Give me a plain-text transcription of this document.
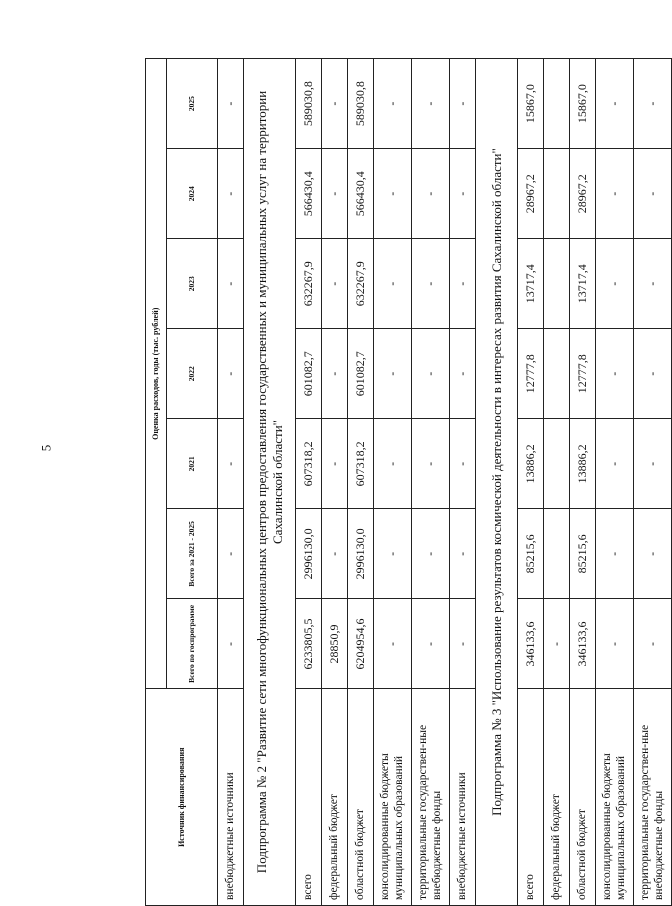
5
Источник финансирования	Оценка расходов, годы (тыс. рублей)						
	Всего по госпрограмме	Всего за 2021 - 2025	2021	2022	2023	2024	2025
внебюджетные источники	-	-	-	-	-	-	-
Подпрограмма № 2 "Развитие сети многофункциональных центров предоставления государственных и муниципальных услуг на территории Сахалинской области"							
всего	6233805,5	2996130,0	607318,2	601082,7	632267,9	566430,4	589030,8
федеральный бюджет	28850,9	-	-	-	-	-	-
областной бюджет	6204954,6	2996130,0	607318,2	601082,7	632267,9	566430,4	589030,8
консолидированные бюджеты муниципальных образований	-	-	-	-	-	-	-
территориальные государствен-ные внебюджетные фонды	-	-	-	-	-	-	-
внебюджетные источники	-	-	-	-	-	-	-
Подпрограмма № 3 "Использование результатов космической деятельности в интересах развития Сахалинской области"							
всего	346133,6	85215,6	13886,2	12777,8	13717,4	28967,2	15867,0
федеральный бюджет	-						
областной бюджет	346133,6	85215,6	13886,2	12777,8	13717,4	28967,2	15867,0
консолидированные бюджеты муниципальных образований	-	-	-	-	-	-	-
территориальные государствен-ные внебюджетные фонды	-	-	-	-	-	-	-
